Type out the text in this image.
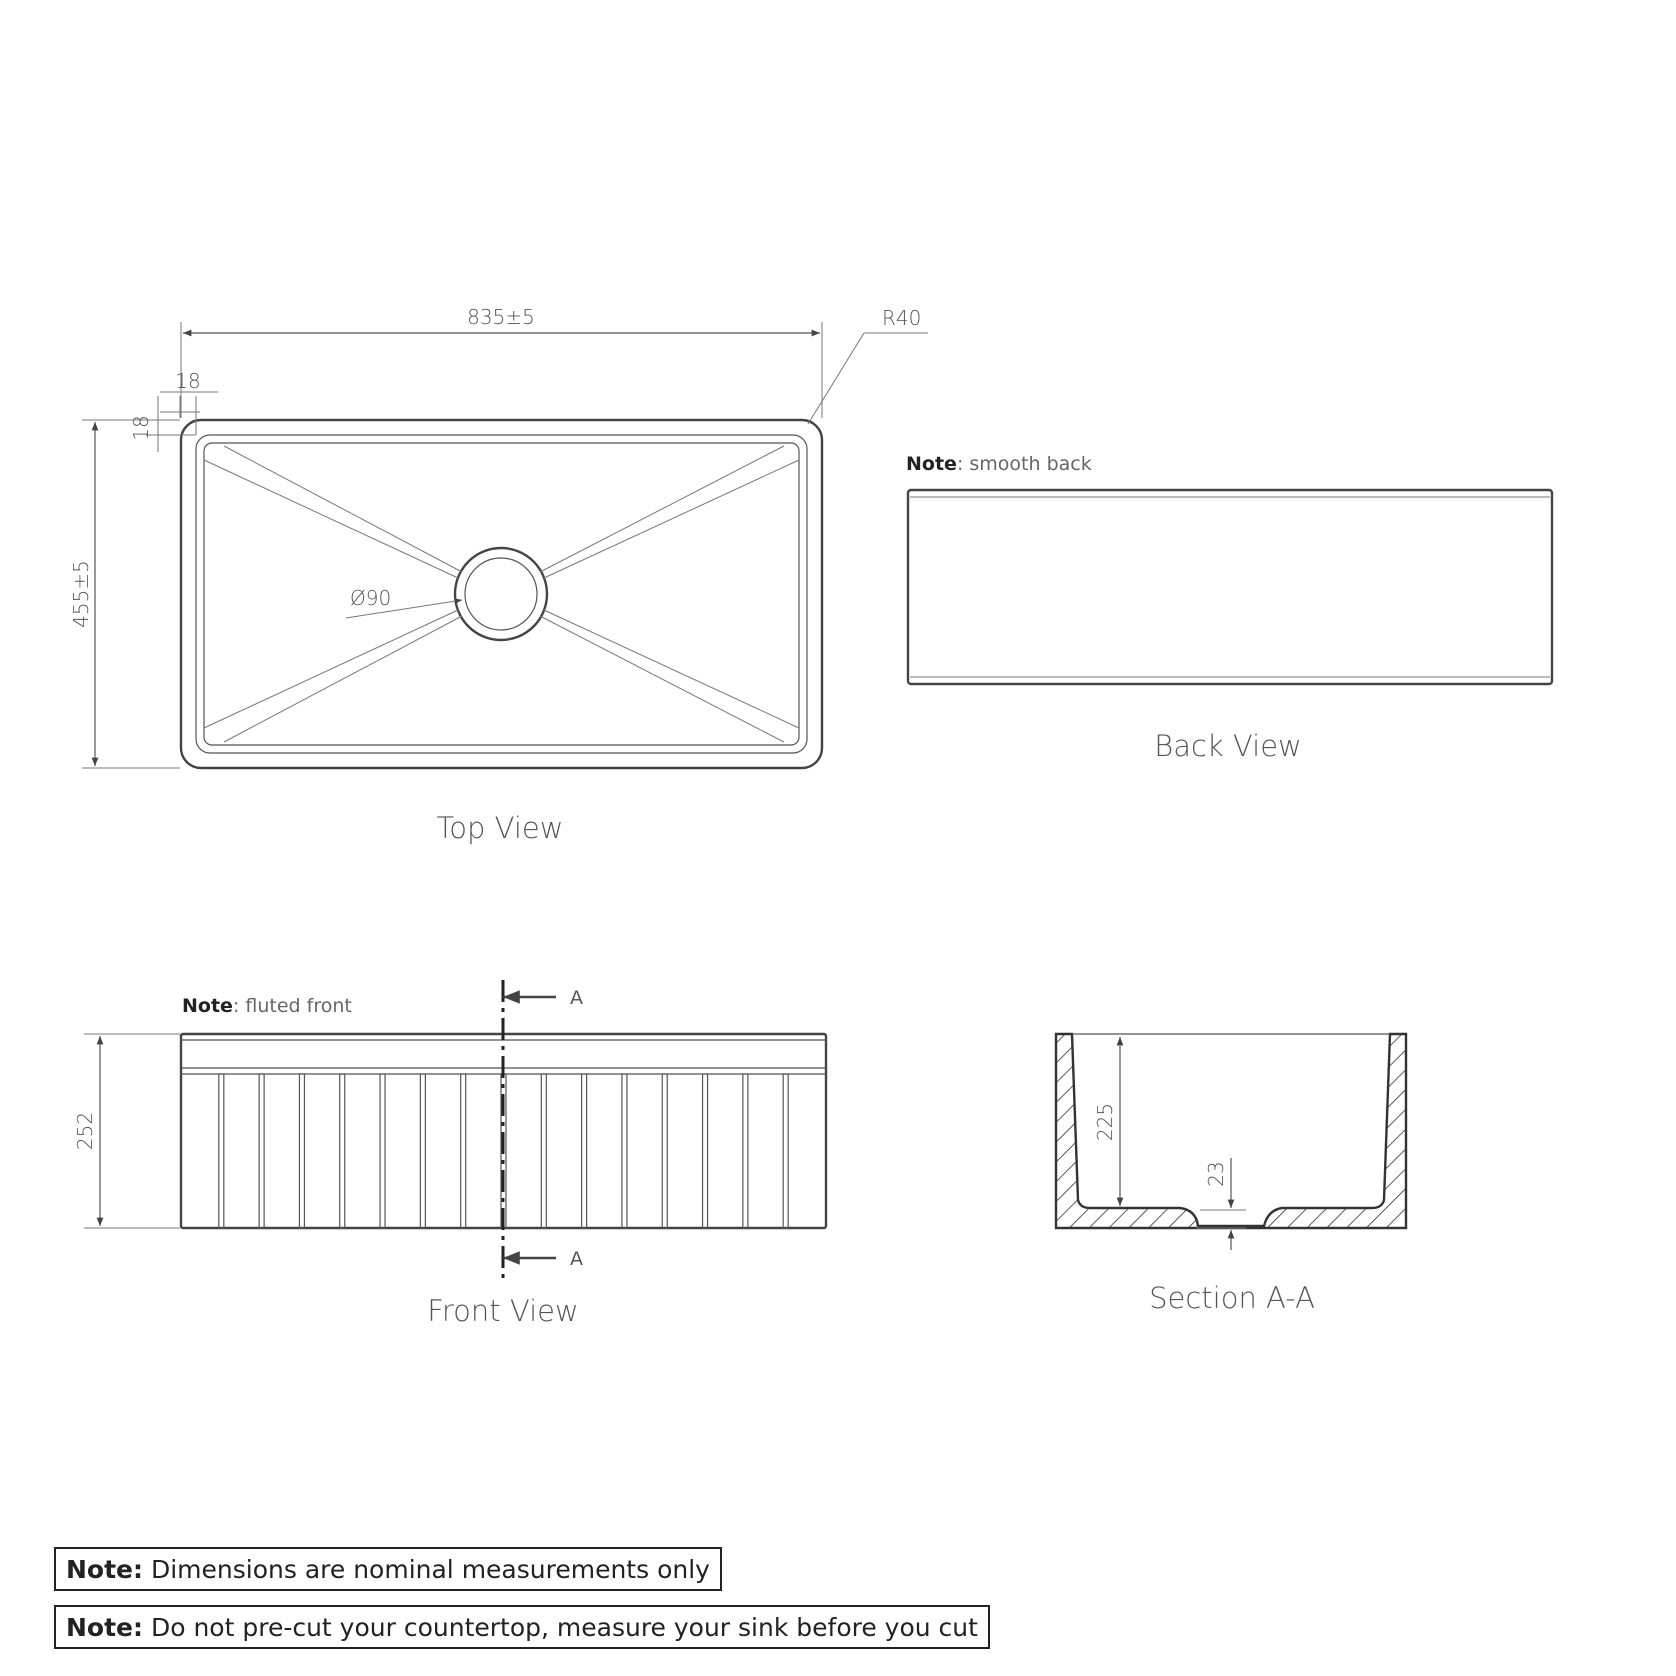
835±5	R40
455±5
18
18
Ø90
Top View
Note: smooth back
Back View
Note: fluted front
252
A
A
Front View
225
23
Section A-A
Note: Dimensions are nominal measurements only
Note: Do not pre-cut your countertop, measure your sink before you cut
